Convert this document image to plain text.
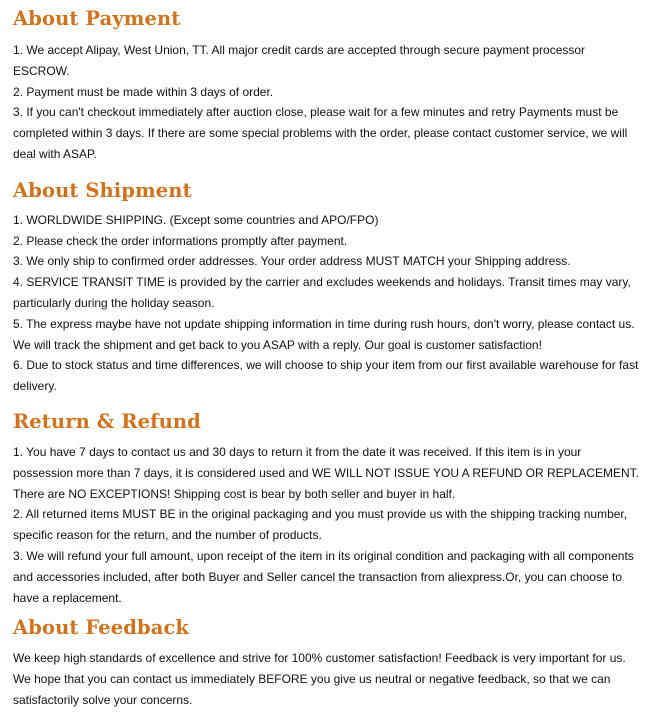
About Payment

1. We accept Alipay, West Union, TT. All major credit cards are accepted through secure payment processor ESCROW.

2. Payment must be made within 3 days of order.

3. If you can't checkout immediately after auction close, please wait for a few minutes and retry Payments must be completed within 3 days. If there are some special problems with the order, please contact customer service, we will deal with ASAP.

About Shipment

1. WORLDWIDE SHIPPING. (Except some countries and APO/FPO)

2. Please check the order informations promptly after payment.

3. We only ship to confirmed order addresses. Your order address MUST MATCH your Shipping address.

4. SERVICE TRANSIT TIME is provided by the carrier and excludes weekends and holidays. Transit times may vary, particularly during the holiday season.

5. The express maybe have not update shipping information in time during rush hours, don't worry, please contact us. We will track the shipment and get back to you ASAP with a reply. Our goal is customer satisfaction!

6. Due to stock status and time differences, we will choose to ship your item from our first available warehouse for fast delivery.

Return & Refund

1. You have 7 days to contact us and 30 days to return it from the date it was received. If this item is in your possession more than 7 days, it is considered used and WE WILL NOT ISSUE YOU A REFUND OR REPLACEMENT. There are NO EXCEPTIONS! Shipping cost is bear by both seller and buyer in half.

2. All returned items MUST BE in the original packaging and you must provide us with the shipping tracking number, specific reason for the return, and the number of products.

3. We will refund your full amount, upon receipt of the item in its original condition and packaging with all components and accessories included, after both Buyer and Seller cancel the transaction from aliexpress.Or, you can choose to have a replacement.

About Feedback

We keep high standards of excellence and strive for 100% customer satisfaction! Feedback is very important for us. We hope that you can contact us immediately BEFORE you give us neutral or negative feedback, so that we can satisfactorily solve your concerns.
